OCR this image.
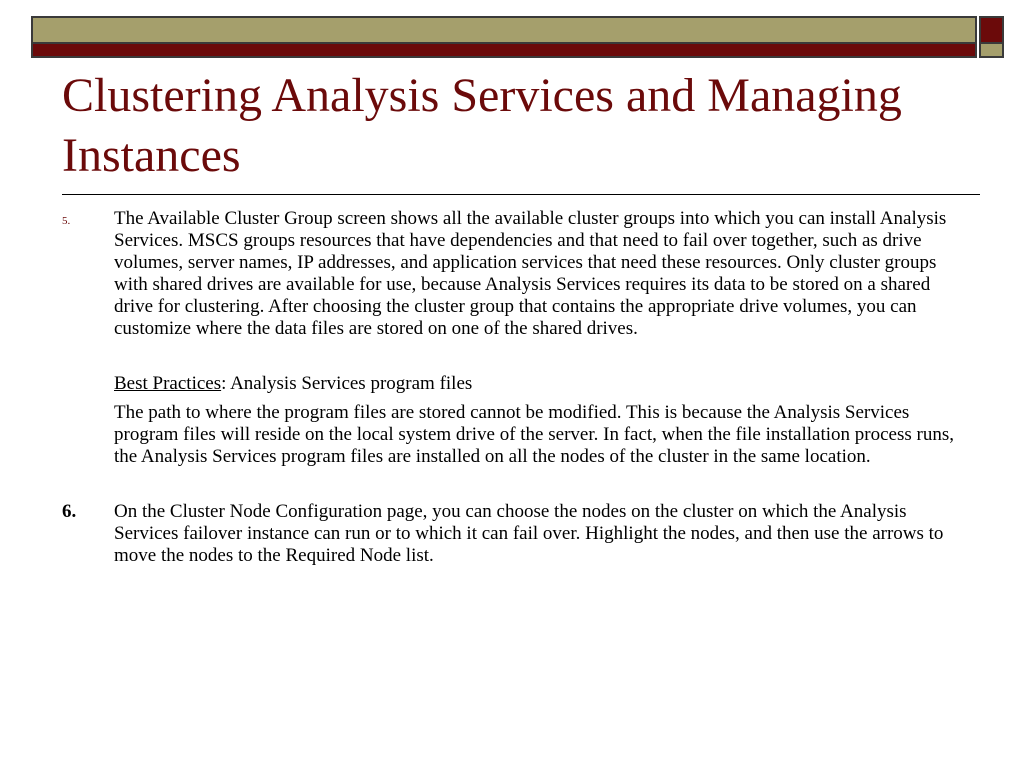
Clustering Analysis Services and Managing Instances
5.	The Available Cluster Group screen shows all the available cluster groups into which you can install Analysis Services. MSCS groups resources that have dependencies and that need to fail over together, such as drive volumes, server names, IP addresses, and application services that need these resources. Only cluster groups with shared drives are available for use, because Analysis Services requires its data to be stored on a shared drive for clustering. After choosing the cluster group that contains the appropriate drive volumes, you can customize where the data files are stored on one of the shared drives.
Best Practices: Analysis Services program files
The path to where the program files are stored cannot be modified. This is because the Analysis Services program files will reside on the local system drive of the server. In fact, when the file installation process runs, the Analysis Services program files are installed on all the nodes of the cluster in the same location.
6.	On the Cluster Node Configuration page, you can choose the nodes on the cluster on which the Analysis Services failover instance can run or to which it can fail over. Highlight the nodes, and then use the arrows to move the nodes to the Required Node list.
